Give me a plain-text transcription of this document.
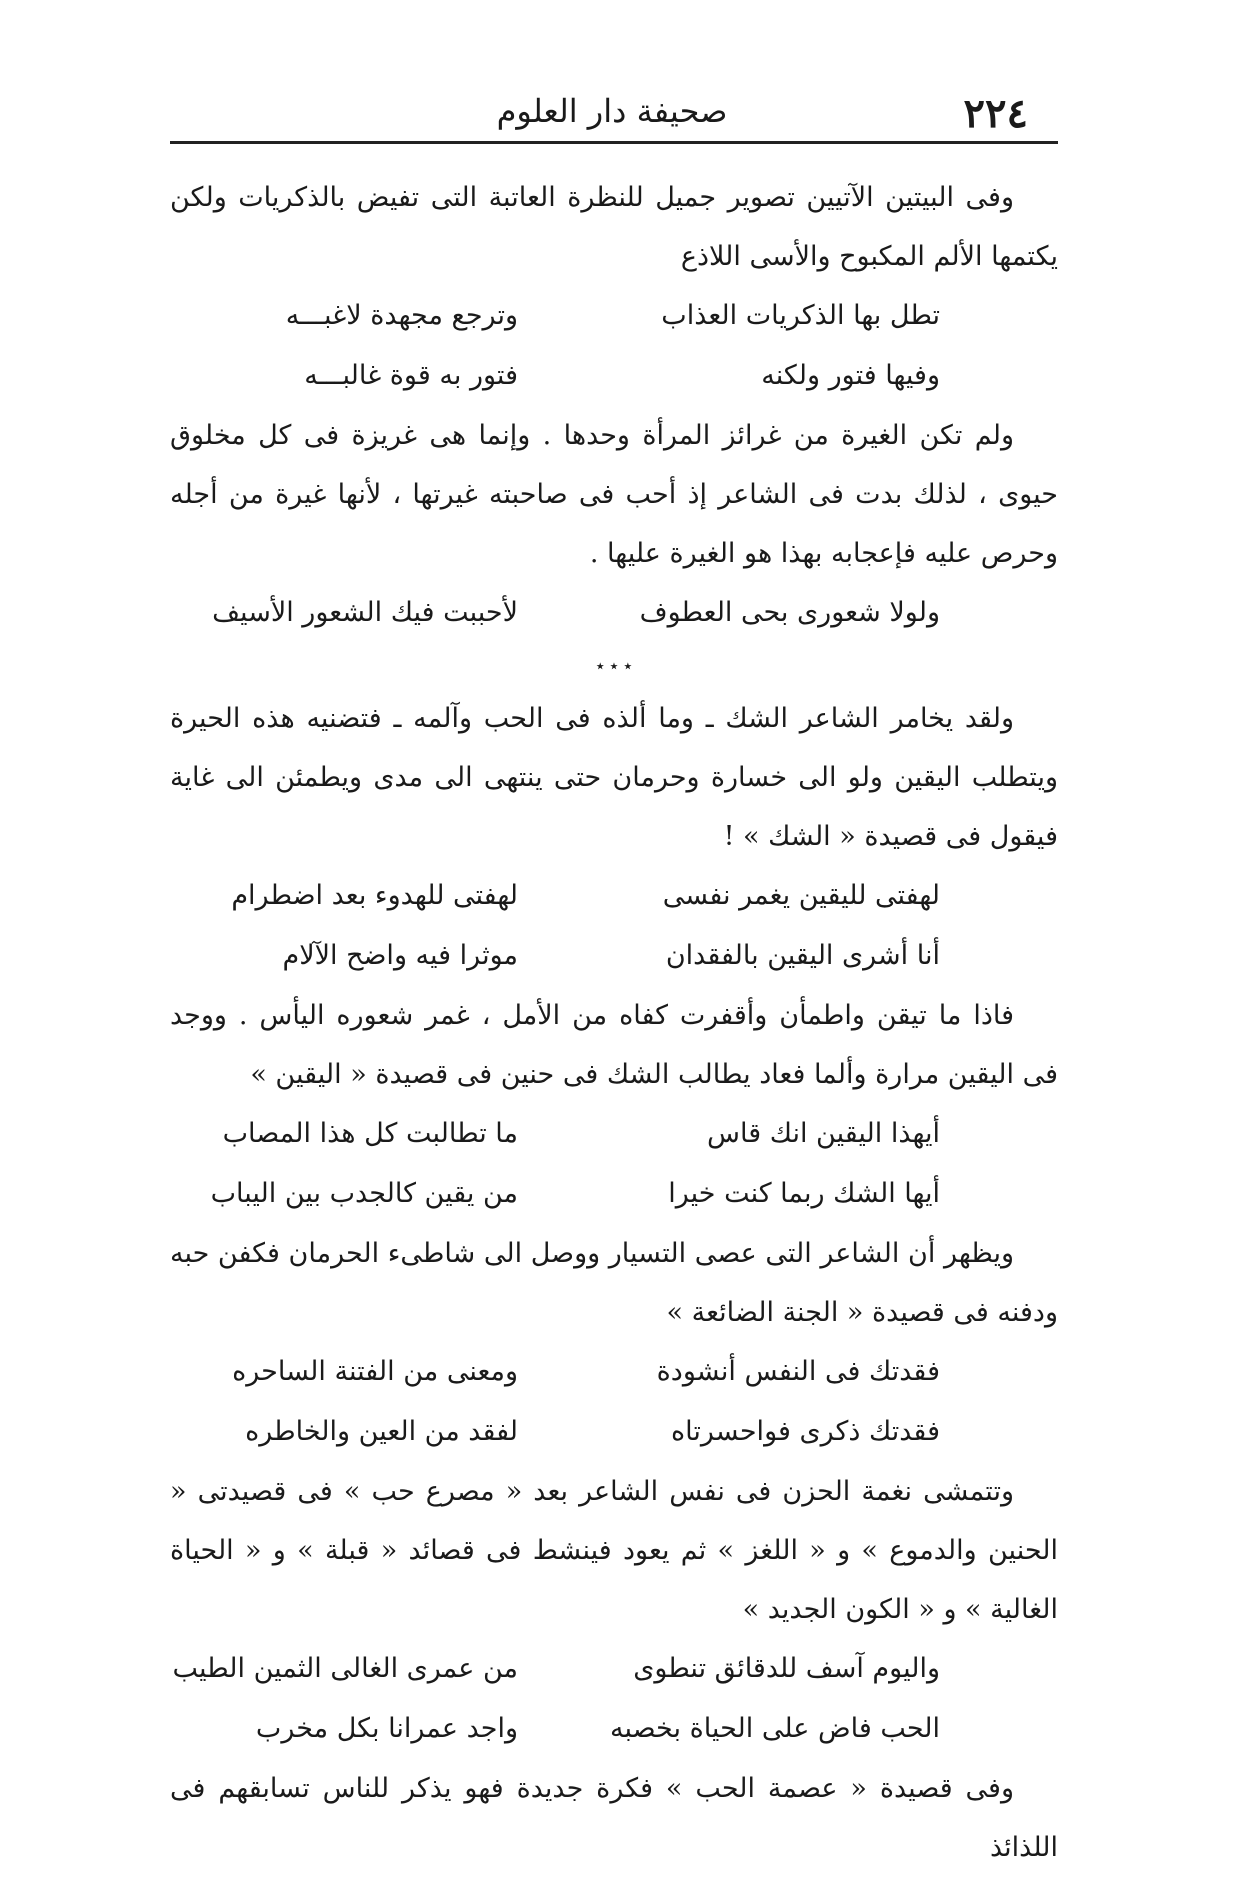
٢٢٤
صحيفة دار العلوم

وفى البيتين الآتيين تصوير جميل للنظرة العاتبة التى تفيض بالذكريات ولكن يكتمها الألم المكبوح والأسى اللاذع

تطل بها الذكريات العذاب
وترجع مجهدة لاغبـــه
وفيها فتور ولكنه
فتور به قوة غالبـــه

ولم تكن الغيرة من غرائز المرأة وحدها . وإنما هى غريزة فى كل مخلوق حيوى ، لذلك بدت فى الشاعر إذ أحب فى صاحبته غيرتها ، لأنها غيرة من أجله وحرص عليه فإعجابه بهذا هو الغيرة عليها .

ولولا شعورى بحى العطوف
لأحببت فيك الشعور الأسيف
٭ ٭ ٭

ولقد يخامر الشاعر الشك ـ وما ألذه فى الحب وآلمه ـ فتضنيه هذه الحيرة ويتطلب اليقين ولو الى خسارة وحرمان حتى ينتهى الى مدى ويطمئن الى غاية فيقول فى قصيدة « الشك » !

لهفتى لليقين يغمر نفسى
لهفتى للهدوء بعد اضطرام
أنا أشرى اليقين بالفقدان
موثرا فيه واضح الآلام

فاذا ما تيقن واطمأن وأقفرت كفاه من الأمل ، غمر شعوره اليأس . ووجد فى اليقين مرارة وألما فعاد يطالب الشك فى حنين فى قصيدة « اليقين »

أيهذا اليقين انك قاس
ما تطالبت كل هذا المصاب
أيها الشك ربما كنت خيرا
من يقين كالجدب بين اليباب

ويظهر أن الشاعر التى عصى التسيار ووصل الى شاطىء الحرمان فكفن حبه ودفنه فى قصيدة « الجنة الضائعة »

فقدتك فى النفس أنشودة
ومعنى من الفتنة الساحره
فقدتك ذكرى فواحسرتاه
لفقد من العين والخاطره

وتتمشى نغمة الحزن فى نفس الشاعر بعد « مصرع حب » فى قصيدتى « الحنين والدموع » و « اللغز » ثم يعود فينشط فى قصائد « قبلة » و « الحياة الغالية » و « الكون الجديد »

واليوم آسف للدقائق تنطوى
من عمرى الغالى الثمين الطيب
الحب فاض على الحياة بخصبه
واجد عمرانا بكل مخرب

وفى قصيدة « عصمة الحب » فكرة جديدة فهو يذكر للناس تسابقهم فى اللذائذ
